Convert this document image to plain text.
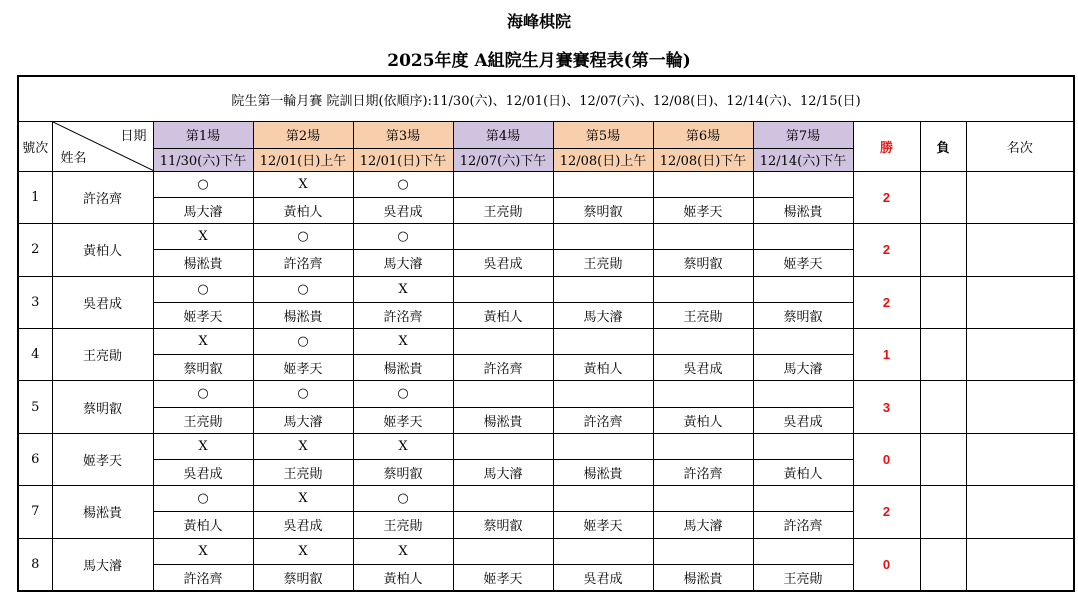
海峰棋院
2025年度 A組院生月賽賽程表(第一輪)
院生第一輪月賽 院訓日期(依順序):11/30(六)、12/01(日)、12/07(六)、12/08(日)、12/14(六)、12/15(日)											
號次	日期
姓名	第1場	第2場	第3場	第4場	第5場	第6場	第7場	勝	負	名次
		11/30(六)下午	12/01(日)上午	12/01(日)下午	12/07(六)下午	12/08(日)上午	12/08(日)下午	12/14(六)下午			
1	許洺齊	○	X	○					2		
		馬大濬	黃柏人	吳君成	王亮勛	蔡明叡	姬孝天	楊淞貴			
2	黃柏人	X	○	○					2		
		楊淞貴	許洺齊	馬大濬	吳君成	王亮勛	蔡明叡	姬孝天			
3	吳君成	○	○	X					2		
		姬孝天	楊淞貴	許洺齊	黃柏人	馬大濬	王亮勛	蔡明叡			
4	王亮勛	X	○	X					1		
		蔡明叡	姬孝天	楊淞貴	許洺齊	黃柏人	吳君成	馬大濬			
5	蔡明叡	○	○	○					3		
		王亮勛	馬大濬	姬孝天	楊淞貴	許洺齊	黃柏人	吳君成			
6	姬孝天	X	X	X					0		
		吳君成	王亮勛	蔡明叡	馬大濬	楊淞貴	許洺齊	黃柏人			
7	楊淞貴	○	X	○					2		
		黃柏人	吳君成	王亮勛	蔡明叡	姬孝天	馬大濬	許洺齊			
8	馬大濬	X	X	X					0		
		許洺齊	蔡明叡	黃柏人	姬孝天	吳君成	楊淞貴	王亮勛			
